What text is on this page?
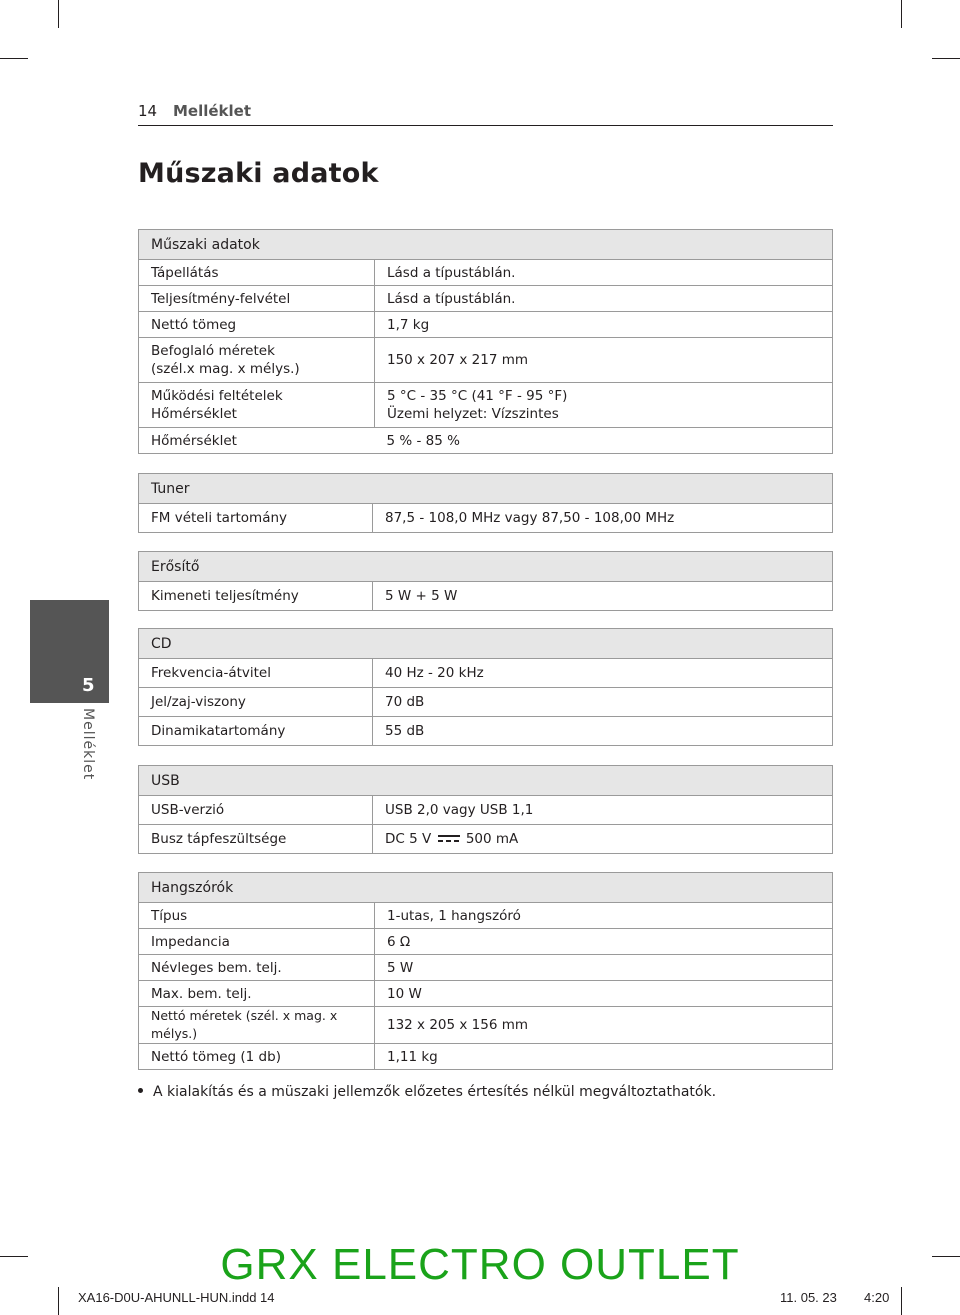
14 Melléklet
Műszaki adatok
5
Melléklet
Műszaki adatok	
Tápellátás	Lásd a típustáblán.
Teljesítmény-felvétel	Lásd a típustáblán.
Nettó tömeg	1,7 kg

Befoglaló méretek
(szél.x mag. x mélys.)	150 x 207 x 217 mm
Működési feltételek Hőmérséklet	5 °C - 35 °C (41 °F - 95 °F)
Üzemi helyzet: Vízszintes

Hőmérséklet	5 % - 85 %
Tuner
FM vételi tartomány	87,5 - 108,0 MHz vagy 87,50 - 108,00 MHz
Erősítő
Kimeneti teljesítmény	5 W + 5 W
CD	
Frekvencia-átvitel	40 Hz - 20 kHz
Jel/zaj-viszony	70 dB
Dinamikatartomány	55 dB
USB	
USB-verzió	USB 2,0 vagy USB 1,1
Busz tápfeszültsége	DC 5 V 500 mA
Hangszórók	
Típus	1-utas, 1 hangszóró
Impedancia	6 Ω
Névleges bem. telj.	5 W
Max. bem. telj.	10 W
Nettó méretek (szél. x mag. x mélys.)	132 x 205 x 156 mm
Nettó tömeg (1 db)	1,11 kg
A kialakítás és a müszaki jellemzők előzetes értesítés nélkül megváltoztathatók.
GRX ELECTRO OUTLET
XA16-D0U-AHUNLL-HUN.indd 14	11. 05. 23 4:20
